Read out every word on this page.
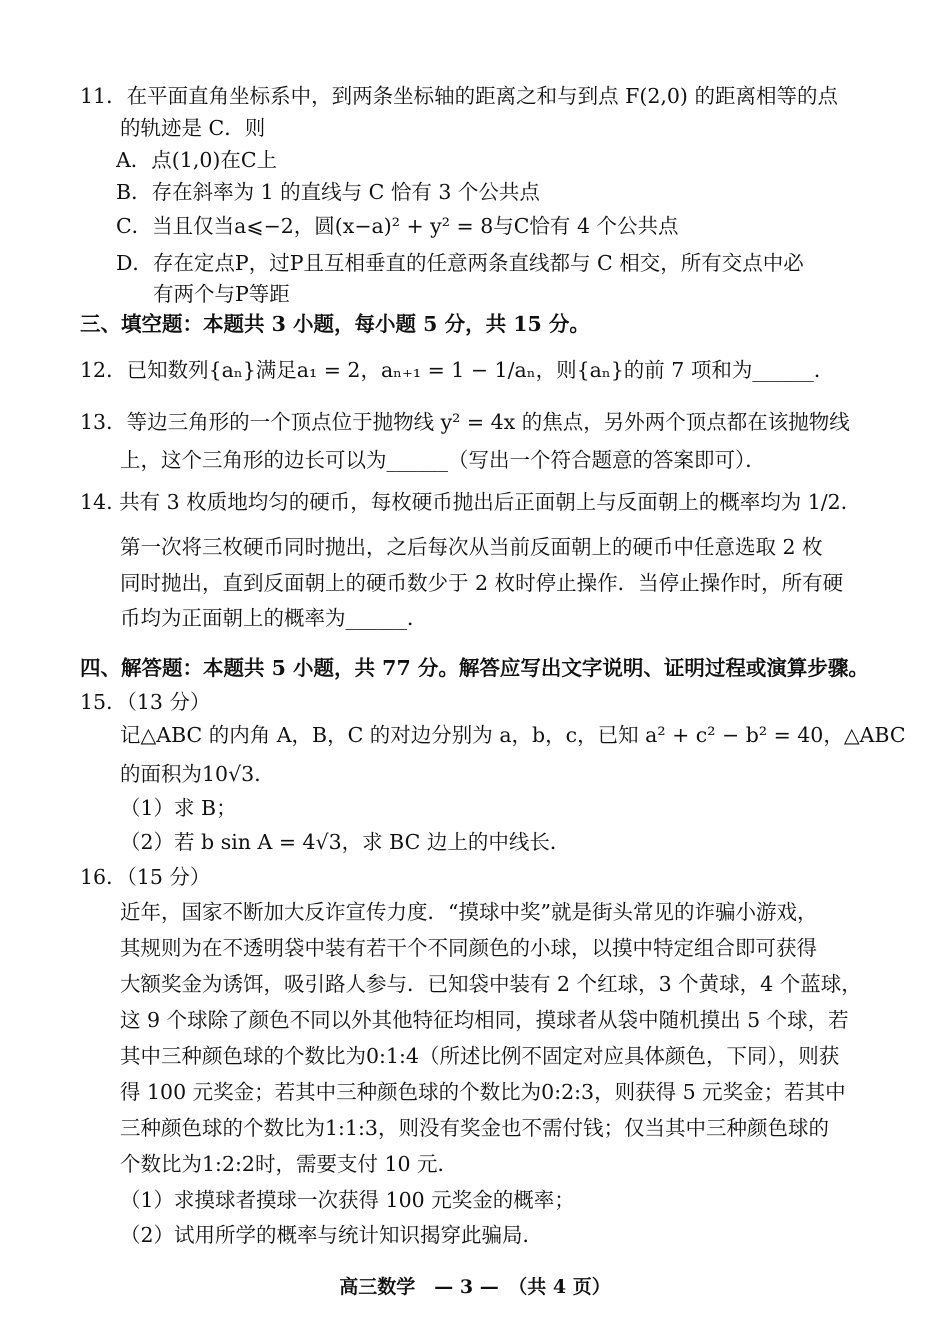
11．在平面直角坐标系中，到两条坐标轴的距离之和与到点 F(2,0) 的距离相等的点
的轨迹是 C．则
A．点(1,0)在C上
B．存在斜率为 1 的直线与 C 恰有 3 个公共点
C．当且仅当a⩽−2，圆(x−a)² + y² = 8与C恰有 4 个公共点
D．存在定点P，过P且互相垂直的任意两条直线都与 C 相交，所有交点中必
有两个与P等距
三、填空题：本题共 3 小题，每小题 5 分，共 15 分。
12．已知数列{aₙ}满足a₁ = 2，aₙ₊₁ = 1 − 1/aₙ，则{aₙ}的前 7 项和为______．
13．等边三角形的一个顶点位于抛物线 y² = 4x 的焦点，另外两个顶点都在该抛物线
上，这个三角形的边长可以为______（写出一个符合题意的答案即可）．
14. 共有 3 枚质地均匀的硬币，每枚硬币抛出后正面朝上与反面朝上的概率均为 1/2．
第一次将三枚硬币同时抛出，之后每次从当前反面朝上的硬币中任意选取 2 枚
同时抛出，直到反面朝上的硬币数少于 2 枚时停止操作．当停止操作时，所有硬
币均为正面朝上的概率为______．
四、解答题：本题共 5 小题，共 77 分。解答应写出文字说明、证明过程或演算步骤。
15．（13 分）
记△ABC 的内角 A，B，C 的对边分别为 a，b，c，已知 a² + c² − b² = 40，△ABC
的面积为10√3．
（1）求 B；
（2）若 b sin A = 4√3，求 BC 边上的中线长．
16．（15 分）
近年，国家不断加大反诈宣传力度．“摸球中奖”就是街头常见的诈骗小游戏，
其规则为在不透明袋中装有若干个不同颜色的小球，以摸中特定组合即可获得
大额奖金为诱饵，吸引路人参与．已知袋中装有 2 个红球，3 个黄球，4 个蓝球，
这 9 个球除了颜色不同以外其他特征均相同，摸球者从袋中随机摸出 5 个球，若
其中三种颜色球的个数比为0:1:4（所述比例不固定对应具体颜色，下同），则获
得 100 元奖金；若其中三种颜色球的个数比为0:2:3，则获得 5 元奖金；若其中
三种颜色球的个数比为1:1:3，则没有奖金也不需付钱；仅当其中三种颜色球的
个数比为1:2:2时，需要支付 10 元．
（1）求摸球者摸球一次获得 100 元奖金的概率；
（2）试用所学的概率与统计知识揭穿此骗局．
高三数学　— 3 —　（共 4 页）
